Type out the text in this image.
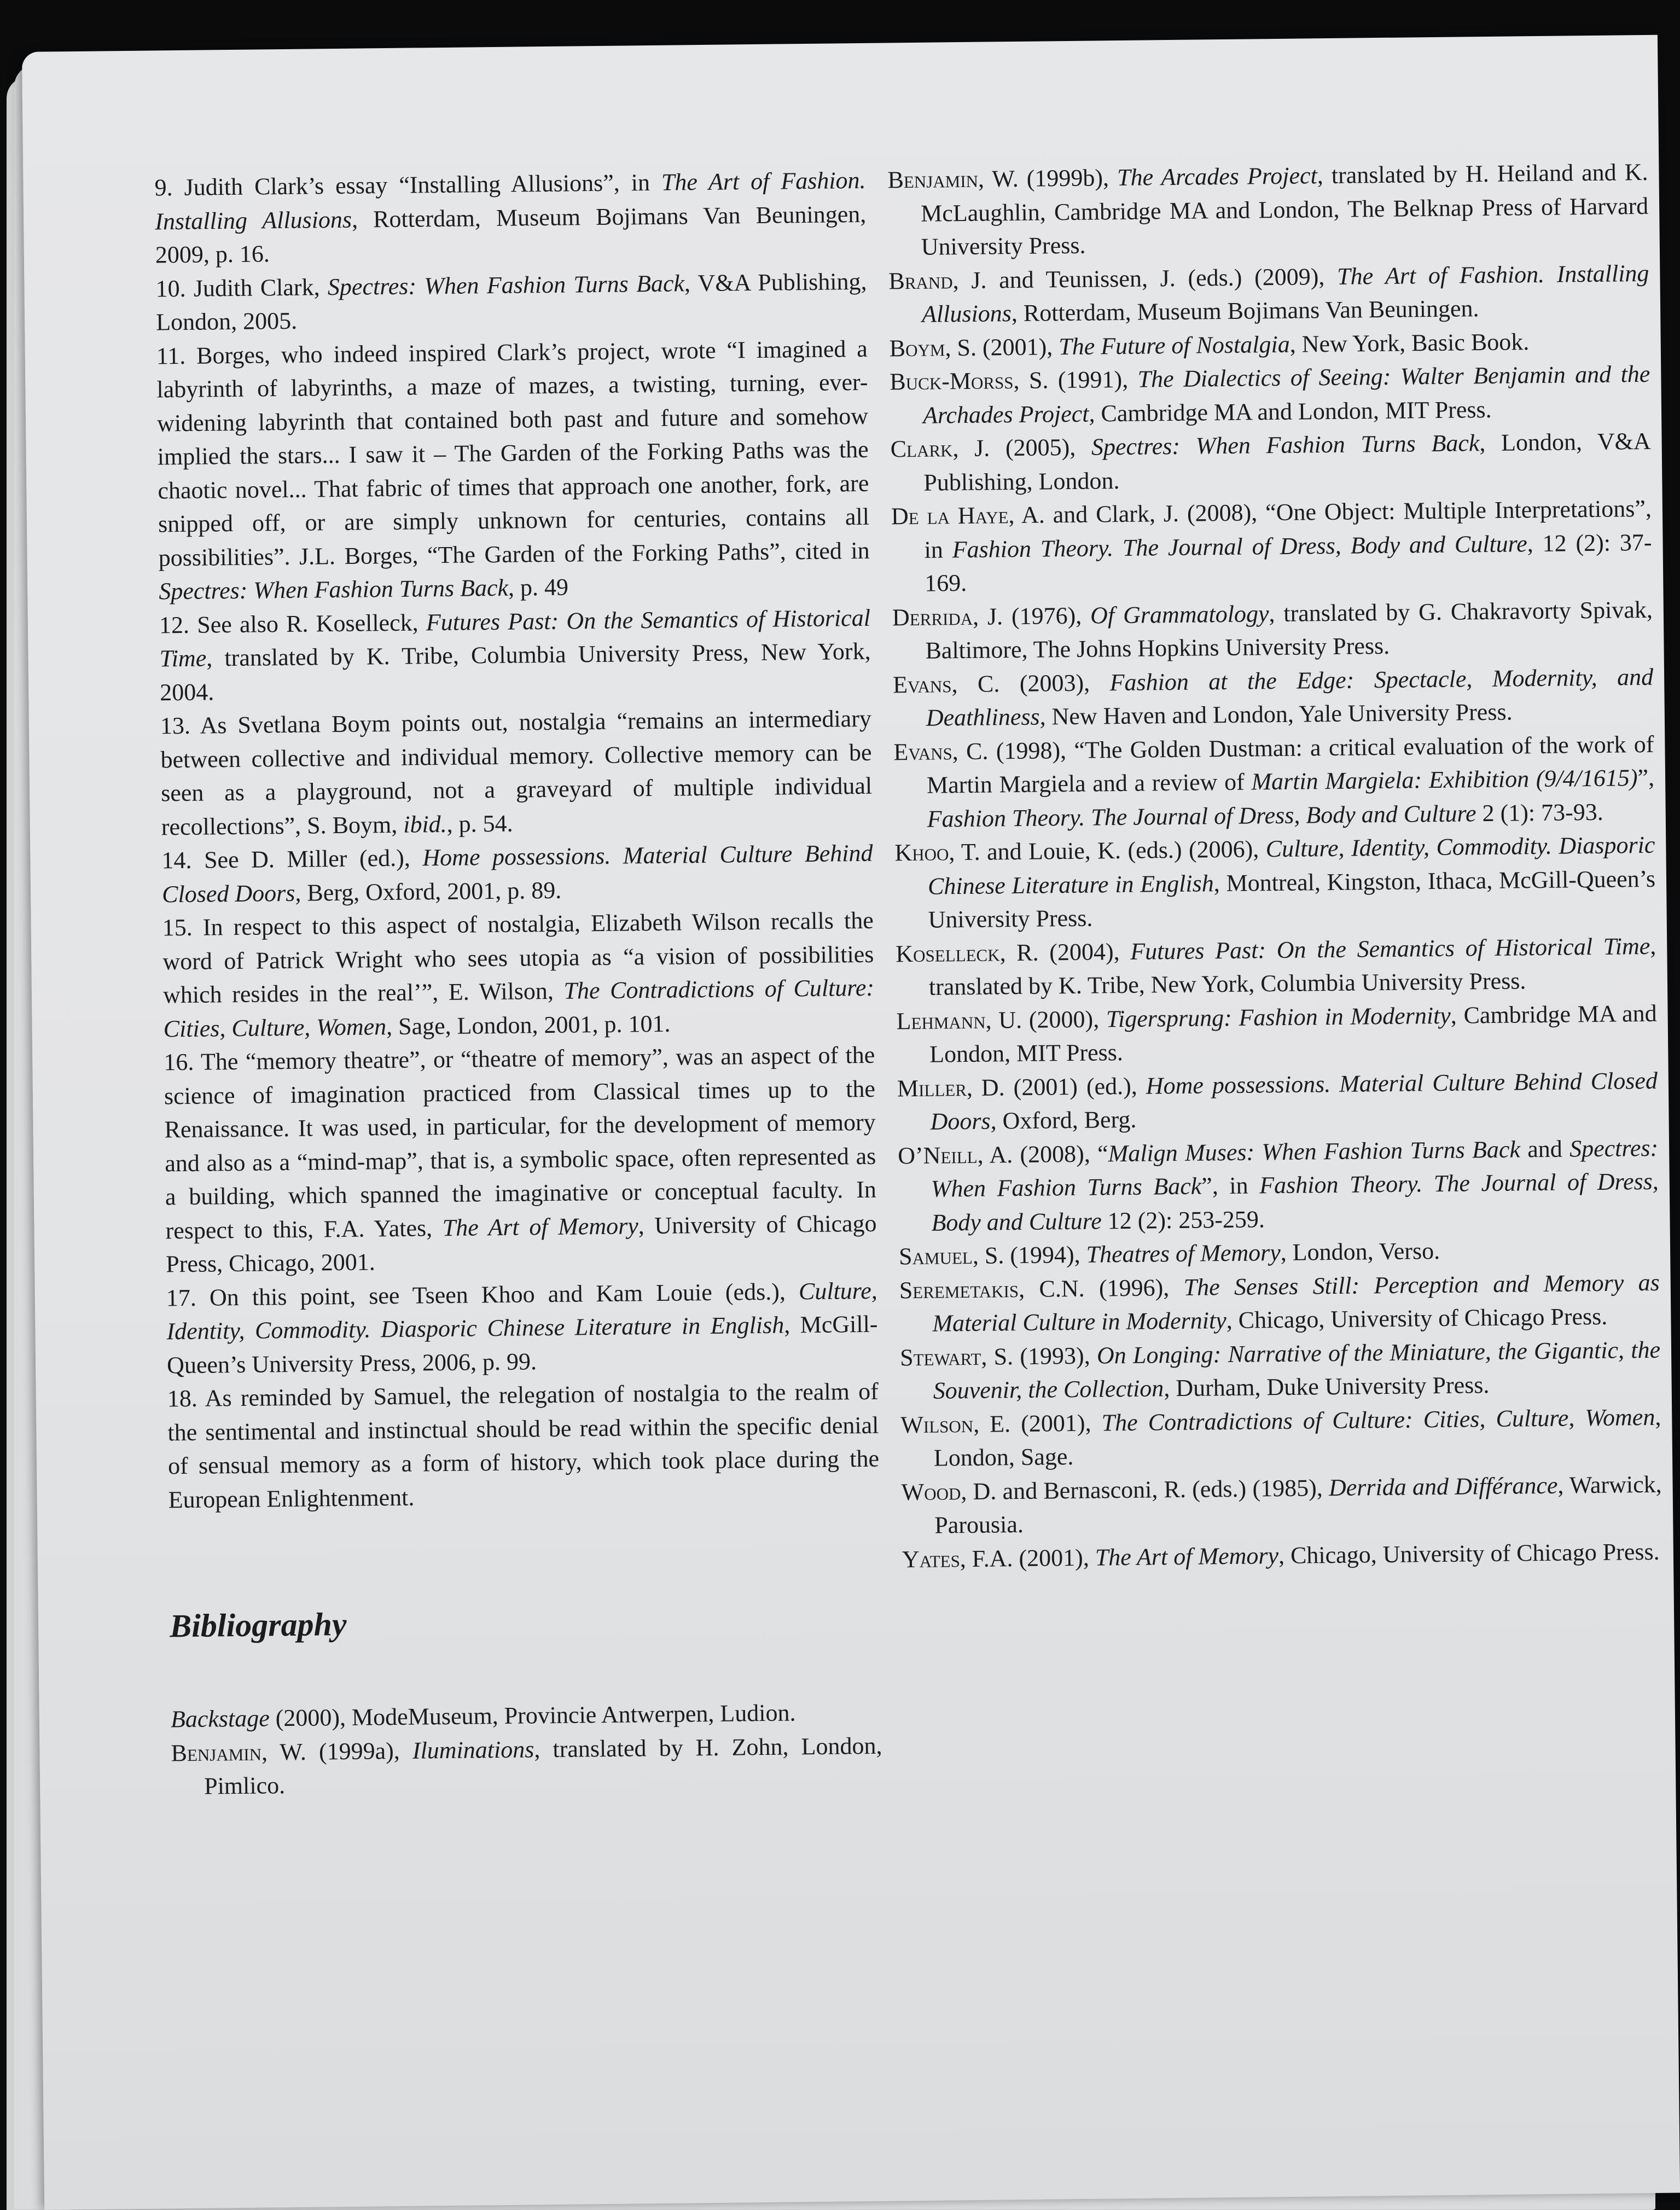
9. Judith Clark’s essay “Installing Allusions”, in The Art of Fashion. Installing Allusions, Rotterdam, Museum Bojimans Van Beuningen, 2009, p. 16.

10. Judith Clark, Spectres: When Fashion Turns Back, V&A Publishing, London, 2005.

11. Borges, who indeed inspired Clark’s project, wrote “I imagined a labyrinth of labyrinths, a maze of mazes, a twisting, turning, ever-widening labyrinth that contained both past and future and somehow implied the stars... I saw it – The Garden of the Forking Paths was the chaotic novel... That fabric of times that approach one another, fork, are snipped off, or are simply unknown for centuries, contains all possibilities”. J.L. Borges, “The Garden of the Forking Paths”, cited in Spectres: When Fashion Turns Back, p. 49

12. See also R. Koselleck, Futures Past: On the Semantics of Historical Time, translated by K. Tribe, Columbia University Press, New York, 2004.

13. As Svetlana Boym points out, nostalgia “remains an intermediary between collective and individual memory. Collective memory can be seen as a playground, not a graveyard of multiple individual recollections”, S. Boym, ibid., p. 54.

14. See D. Miller (ed.), Home possessions. Material Culture Behind Closed Doors, Berg, Oxford, 2001, p. 89.

15. In respect to this aspect of nostalgia, Elizabeth Wilson recalls the word of Patrick Wright who sees utopia as “a vision of possibilities which resides in the real’”, E. Wilson, The Contradictions of Culture: Cities, Culture, Women, Sage, London, 2001, p. 101.

16. The “memory theatre”, or “theatre of memory”, was an aspect of the science of imagination practiced from Classical times up to the Renaissance. It was used, in particular, for the development of memory and also as a “mind-map”, that is, a symbolic space, often represented as a building, which spanned the imaginative or conceptual faculty. In respect to this, F.A. Yates, The Art of Memory, University of Chicago Press, Chicago, 2001.

17. On this point, see Tseen Khoo and Kam Louie (eds.), Culture, Identity, Commodity. Diasporic Chinese Literature in English, McGill-Queen’s University Press, 2006, p. 99.

18. As reminded by Samuel, the relegation of nostalgia to the realm of the sentimental and instinctual should be read within the specific denial of sensual memory as a form of history, which took place during the European Enlightenment.

Bibliography

Backstage (2000), ModeMuseum, Provincie Antwerpen, Ludion.

Benjamin, W. (1999a), Iluminations, translated by H. Zohn, London, Pimlico.

Benjamin, W. (1999b), The Arcades Project, translated by H. Heiland and K. McLaughlin, Cambridge MA and London, The Belknap Press of Harvard University Press.

Brand, J. and Teunissen, J. (eds.) (2009), The Art of Fashion. Installing Allusions, Rotterdam, Museum Bojimans Van Beuningen.

Boym, S. (2001), The Future of Nostalgia, New York, Basic Book.

Buck-Morss, S. (1991), The Dialectics of Seeing: Walter Benjamin and the Archades Project, Cambridge MA and London, MIT Press.

Clark, J. (2005), Spectres: When Fashion Turns Back, London, V&A Publishing, London.

De la Haye, A. and Clark, J. (2008), “One Object: Multiple Interpretations”, in Fashion Theory. The Journal of Dress, Body and Culture, 12 (2): 37-169.

Derrida, J. (1976), Of Grammatology, translated by G. Chakravorty Spivak, Baltimore, The Johns Hopkins University Press.

Evans, C. (2003), Fashion at the Edge: Spectacle, Modernity, and Deathliness, New Haven and London, Yale University Press.

Evans, C. (1998), “The Golden Dustman: a critical evaluation of the work of Martin Margiela and a review of Martin Margiela: Exhibition (9/4/1615)”, Fashion Theory. The Journal of Dress, Body and Culture 2 (1): 73-93.

Khoo, T. and Louie, K. (eds.) (2006), Culture, Identity, Commodity. Diasporic Chinese Literature in English, Montreal, Kingston, Ithaca, McGill-Queen’s University Press.

Koselleck, R. (2004), Futures Past: On the Semantics of Historical Time, translated by K. Tribe, New York, Columbia University Press.

Lehmann, U. (2000), Tigersprung: Fashion in Modernity, Cambridge MA and London, MIT Press.

Miller, D. (2001) (ed.), Home possessions. Material Culture Behind Closed Doors, Oxford, Berg.

O’Neill, A. (2008), “Malign Muses: When Fashion Turns Back and Spectres: When Fashion Turns Back”, in Fashion Theory. The Journal of Dress, Body and Culture 12 (2): 253-259.

Samuel, S. (1994), Theatres of Memory, London, Verso.

Seremetakis, C.N. (1996), The Senses Still: Perception and Memory as Material Culture in Modernity, Chicago, University of Chicago Press.

Stewart, S. (1993), On Longing: Narrative of the Miniature, the Gigantic, the Souvenir, the Collection, Durham, Duke University Press.

Wilson, E. (2001), The Contradictions of Culture: Cities, Culture, Women, London, Sage.

Wood, D. and Bernasconi, R. (eds.) (1985), Derrida and Différance, Warwick, Parousia.

Yates, F.A. (2001), The Art of Memory, Chicago, University of Chicago Press.
